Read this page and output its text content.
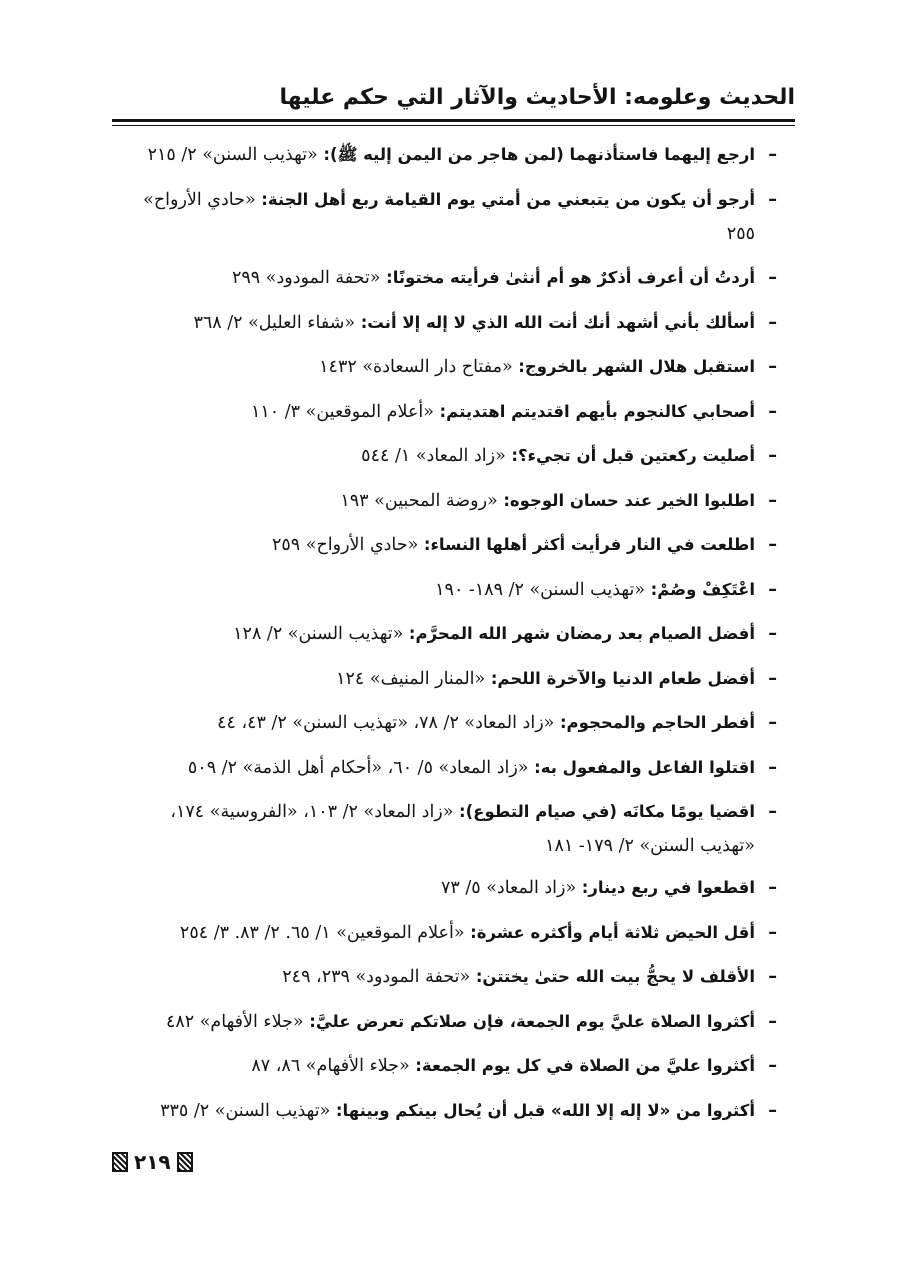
الحديث وعلومه: الأحاديث والآثار التي حكم عليها
–
ارجع إليهما فاستأذنهما (لمن هاجر من اليمن إليه ﷺ): «تهذيب السنن» ٢/ ٢١٥
–
أرجو أن يكون من يتبعني من أمتي يوم القيامة ربع أهل الجنة: «حادي الأرواح» ٢٥٥
–
أردتُ أن أعرف أذكرٌ هو أم أنثىٰ فرأيته مختونًا: «تحفة المودود» ٢٩٩
–
أسألك بأني أشهد أنك أنت الله الذي لا إله إلا أنت: «شفاء العليل» ٢/ ٣٦٨
–
استقبل هلال الشهر بالخروج: «مفتاح دار السعادة» ١٤٣٢
–
أصحابي كالنجوم بأيهم اقتديتم اهتديتم: «أعلام الموقعين» ٣/ ١١٠
–
أصليت ركعتين قبل أن تجيء؟: «زاد المعاد» ١/ ٥٤٤
–
اطلبوا الخير عند حسان الوجوه: «روضة المحبين» ١٩٣
–
اطلعت في النار فرأيت أكثر أهلها النساء: «حادي الأرواح» ٢٥٩
–
اعْتَكِفْ وصُمْ: «تهذيب السنن» ٢/ ١٨٩- ١٩٠
–
أفضل الصيام بعد رمضان شهر الله المحرَّم: «تهذيب السنن» ٢/ ١٢٨
–
أفضل طعام الدنيا والآخرة اللحم: «المنار المنيف» ١٢٤
–
أفطر الحاجم والمحجوم: «زاد المعاد» ٢/ ٧٨، «تهذيب السنن» ٢/ ٤٣، ٤٤
–
اقتلوا الفاعل والمفعول به: «زاد المعاد» ٥/ ٦٠، «أحكام أهل الذمة» ٢/ ٥٠٩
–
اقضيا يومًا مكانَه (في صيام التطوع): «زاد المعاد» ٢/ ١٠٣، «الفروسية» ١٧٤، «تهذيب السنن» ٢/ ١٧٩- ١٨١
–
اقطعوا في ربع دينار: «زاد المعاد» ٥/ ٧٣
–
أقل الحيض ثلاثة أيام وأكثره عشرة: «أعلام الموقعين» ١/ ٦٥. ٢/ ٨٣. ٣/ ٢٥٤
–
الأقلف لا يحجُّ بيت الله حتىٰ يختتن: «تحفة المودود» ٢٣٩، ٢٤٩
–
أكثروا الصلاة عليَّ يوم الجمعة، فإن صلاتكم تعرض عليَّ: «جلاء الأفهام» ٤٨٢
–
أكثروا عليَّ من الصلاة في كل يوم الجمعة: «جلاء الأفهام» ٨٦، ٨٧
–
أكثروا من «لا إله إلا الله» قبل أن يُحال بينكم وبينها: «تهذيب السنن» ٢/ ٣٣٥
٢١٩
